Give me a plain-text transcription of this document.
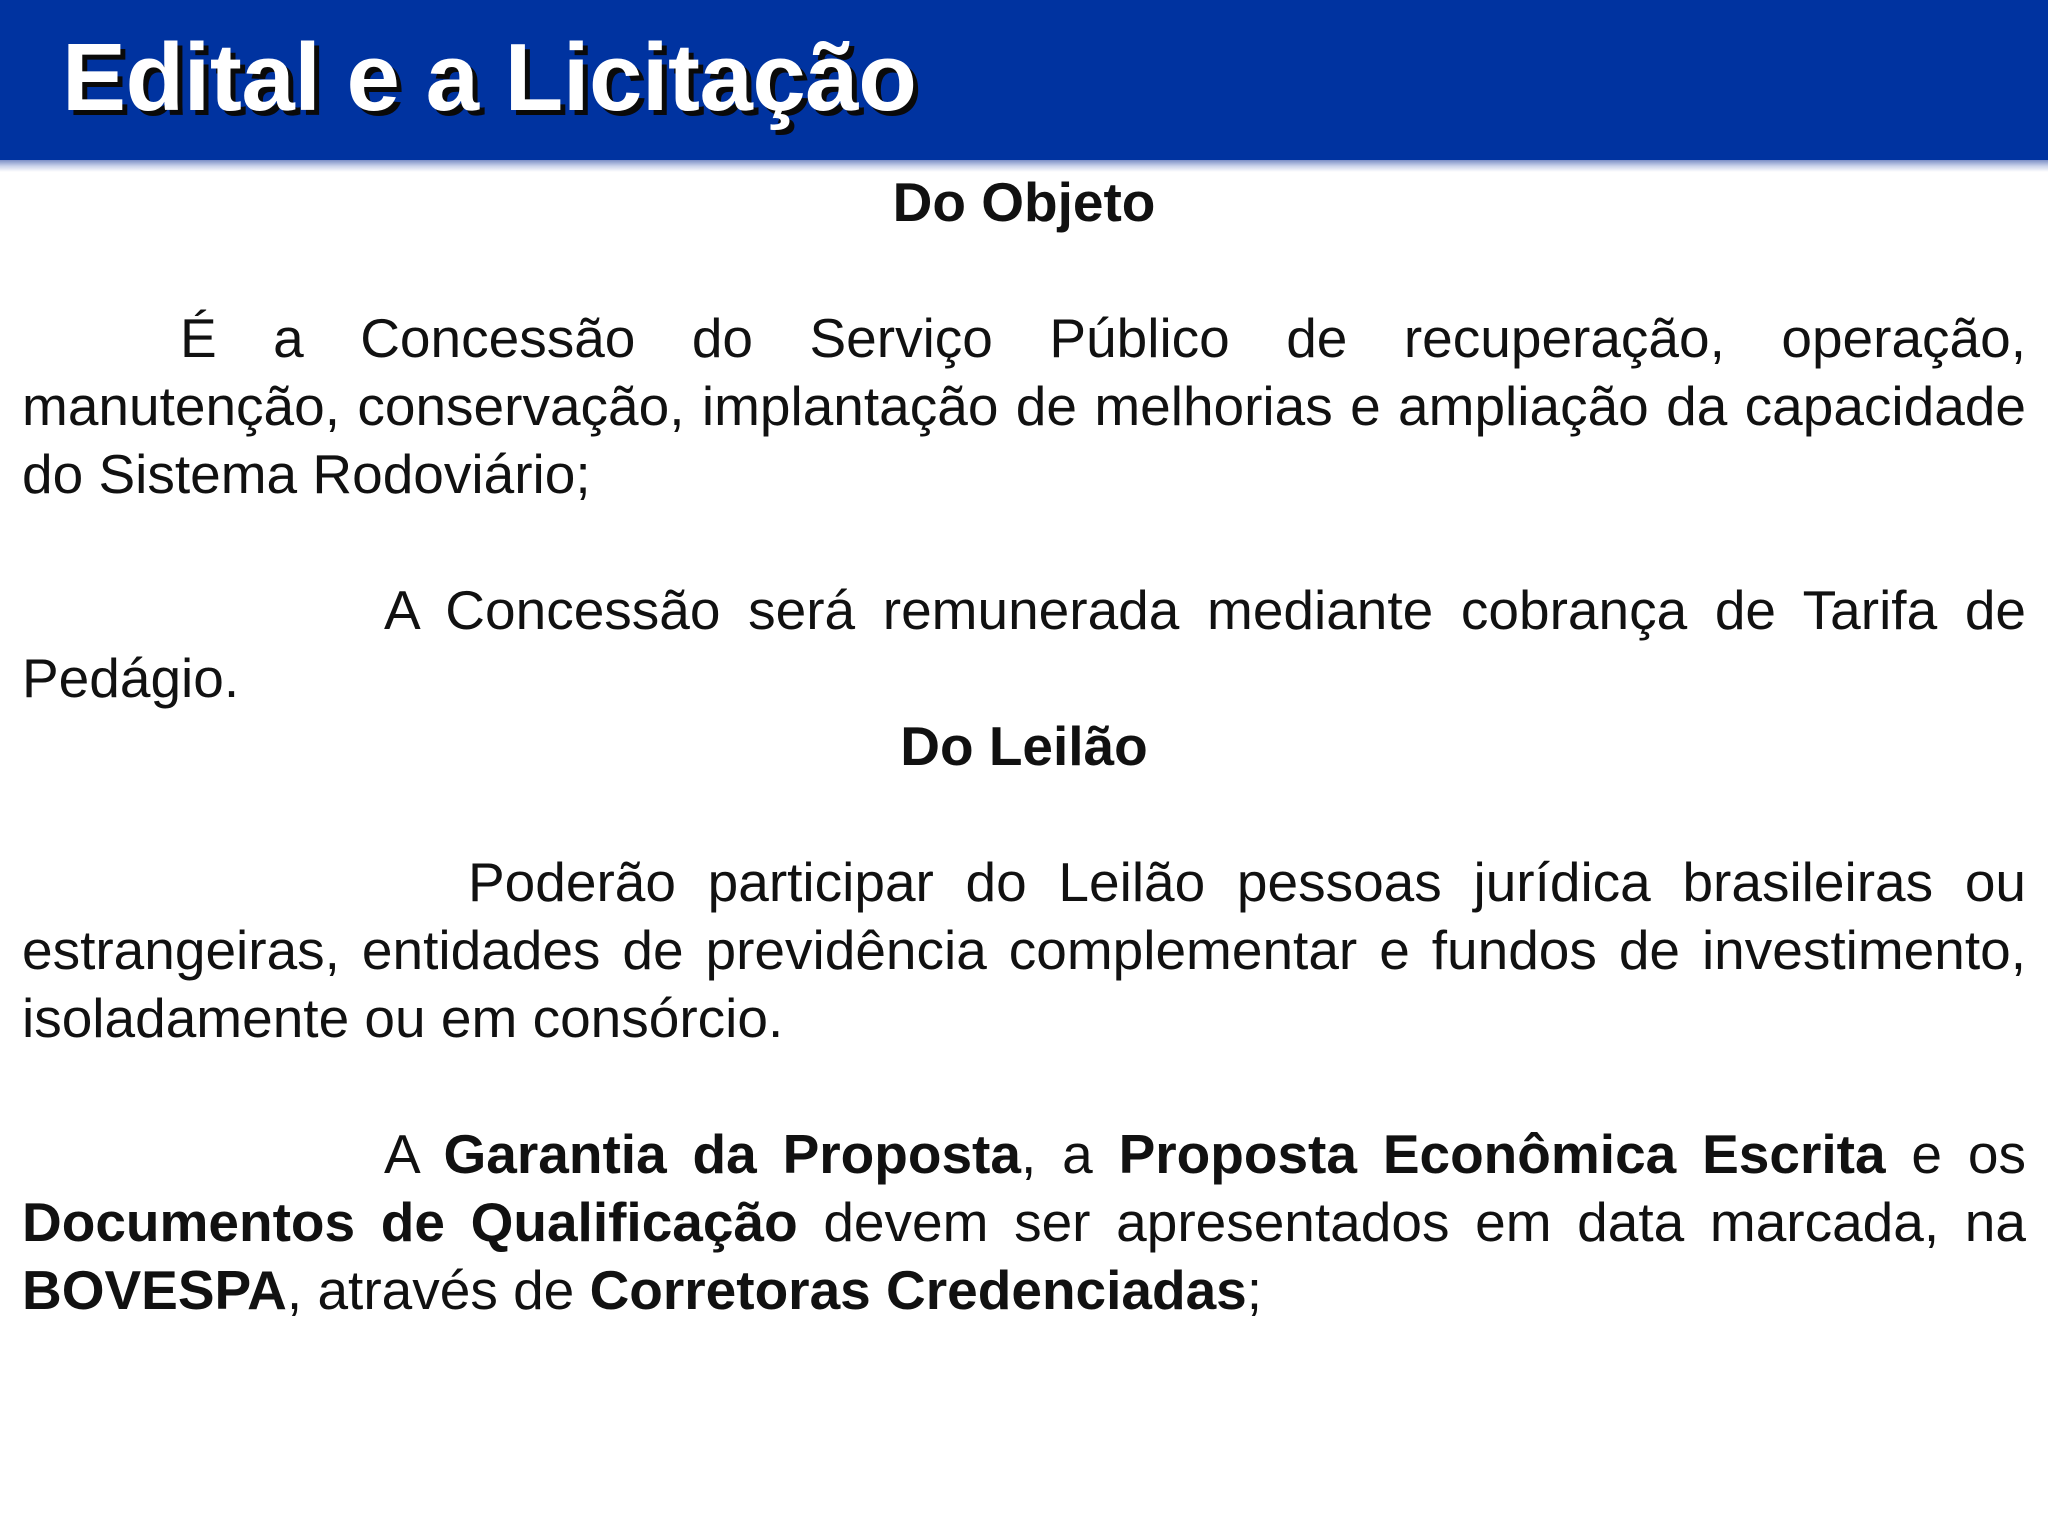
Edital e a Licitação

Do Objeto

É a Concessão do Serviço Público de recuperação, operação, manutenção, conservação, implantação de melhorias e ampliação da capacidade do Sistema Rodoviário;

A Concessão será remunerada mediante cobrança de Tarifa de Pedágio.

Do Leilão

Poderão participar do Leilão pessoas jurídica brasileiras ou estrangeiras, entidades de previdência complementar e fundos de investimento, isoladamente ou em consórcio.

A Garantia da Proposta, a Proposta Econômica Escrita e os Documentos de Qualificação devem ser apresentados em data marcada, na BOVESPA, através de Corretoras Credenciadas;
